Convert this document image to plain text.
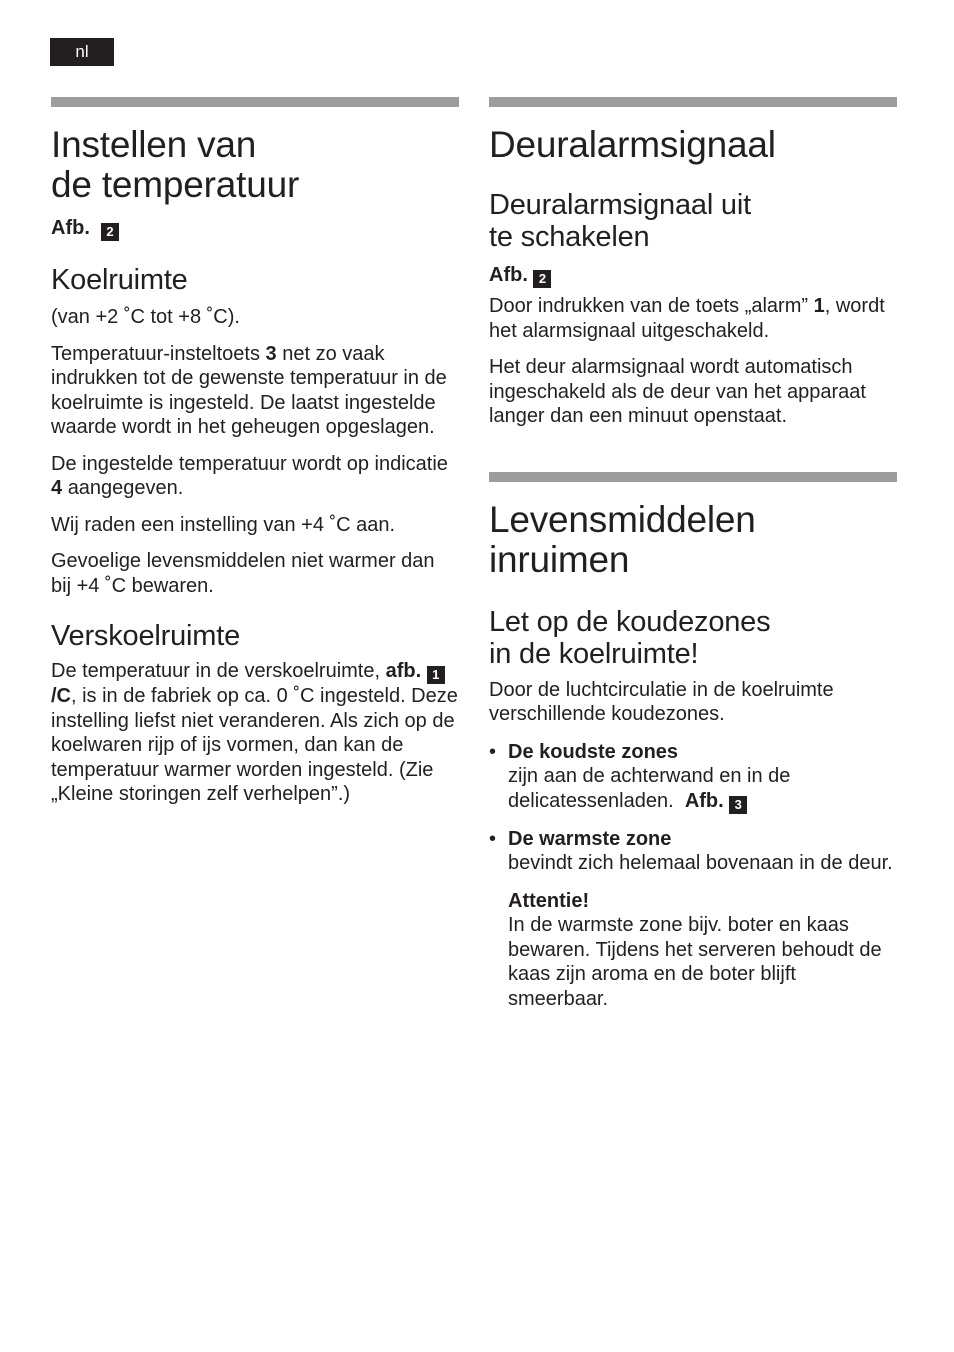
nl
Instellen van
de temperatuur
Afb. 2
Koelruimte

(van +2 ˚C tot +8 ˚C).

Temperatuur-insteltoets 3 net zo vaak indrukken tot de gewenste temperatuur in de koelruimte is ingesteld. De laatst ingestelde waarde wordt in het geheugen opgeslagen.

De ingestelde temperatuur wordt op indicatie 4 aangegeven.

Wij raden een instelling van +4 ˚C aan.

Gevoelige levensmiddelen niet warmer dan bij +4 ˚C bewaren.

Verskoelruimte

De temperatuur in de verskoelruimte, afb. 1/C, is in de fabriek op ca. 0 ˚C ingesteld. Deze instelling liefst niet veranderen. Als zich op de koelwaren rijp of ijs vormen, dan kan de temperatuur warmer worden ingesteld. (Zie „Kleine storingen zelf verhelpen”.)

Deuralarmsignaal
Deuralarmsignaal uit
te schakelen
Afb. 2

Door indrukken van de toets „alarm” 1, wordt het alarmsignaal uitgeschakeld.

Het deur alarmsignaal wordt automatisch ingeschakeld als de deur van het apparaat langer dan een minuut openstaat.

Levensmiddelen
inruimen
Let op de koudezones
in de koelruimte!

Door de luchtcirculatie in de koelruimte verschillende koudezones.

• De koudste zones
zijn aan de achterwand en in de delicatessenladen. Afb. 3

• De warmste zone
bevindt zich helemaal bovenaan in de deur.

Attentie!
In de warmste zone bijv. boter en kaas bewaren. Tijdens het serveren behoudt de kaas zijn aroma en de boter blijft smeerbaar.
